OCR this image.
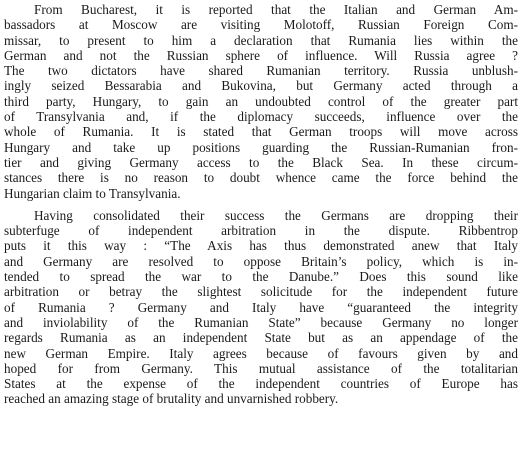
From Bucharest, it is reported that the Italian and German Am-
bassadors at Moscow are visiting Molotoff, Russian Foreign Com-
missar, to present to him a declaration that Rumania lies within the
German and not the Russian sphere of influence. Will Russia agree ?
The two dictators have shared Rumanian territory. Russia unblush-
ingly seized Bessarabia and Bukovina, but Germany acted through a
third party, Hungary, to gain an undoubted control of the greater part
of Transylvania and, if the diplomacy succeeds, influence over the
whole of Rumania. It is stated that German troops will move across
Hungary and take up positions guarding the Russian-Rumanian fron-
tier and giving Germany access to the Black Sea. In these circum-
stances there is no reason to doubt whence came the force behind the
Hungarian claim to Transylvania.
Having consolidated their success the Germans are dropping their
subterfuge of independent arbitration in the dispute. Ribbentrop
puts it this way : “The Axis has thus demonstrated anew that Italy
and Germany are resolved to oppose Britain’s policy, which is in-
tended to spread the war to the Danube.” Does this sound like
arbitration or betray the slightest solicitude for the independent future
of Rumania ? Germany and Italy have “guaranteed the integrity
and inviolability of the Rumanian State” because Germany no longer
regards Rumania as an independent State but as an appendage of the
new German Empire. Italy agrees because of favours given by and
hoped for from Germany. This mutual assistance of the totalitarian
States at the expense of the independent countries of Europe has
reached an amazing stage of brutality and unvarnished robbery.
